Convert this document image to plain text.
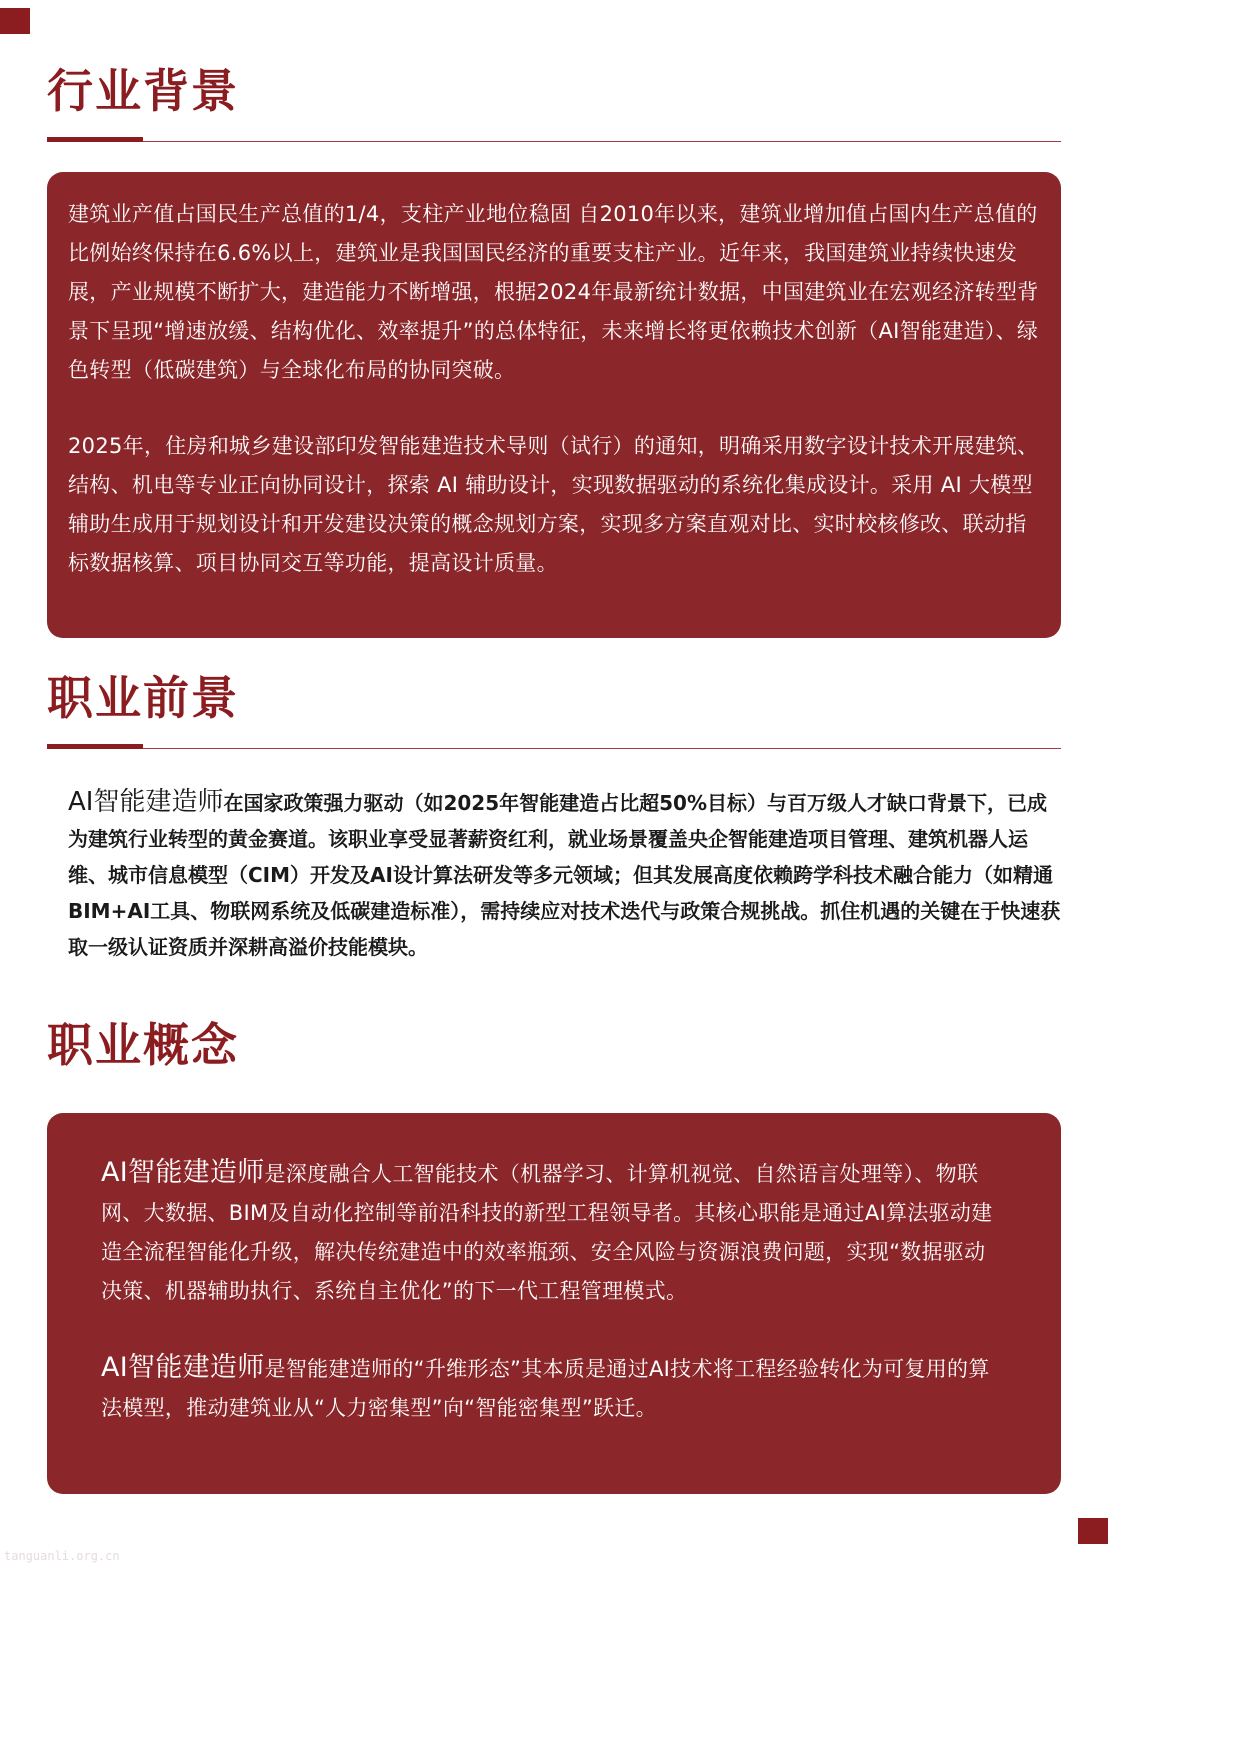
行业背景

建筑业产值占国民生产总值的1/4，支柱产业地位稳固 自2010年以来，建筑业增加值占国内生产总值的比例始终保持在6.6%以上，建筑业是我国国民经济的重要支柱产业。近年来，我国建筑业持续快速发展，产业规模不断扩大，建造能力不断增强，根据2024年最新统计数据，中国建筑业在宏观经济转型背景下呈现“增速放缓、结构优化、效率提升”的总体特征，未来增长将更依赖技术创新（AI智能建造）、绿色转型（低碳建筑）与全球化布局的协同突破。

2025年，住房和城乡建设部印发智能建造技术导则（试行）的通知，明确采用数字设计技术开展建筑、结构、机电等专业正向协同设计，探索 AI 辅助设计，实现数据驱动的系统化集成设计。采用 AI 大模型辅助生成用于规划设计和开发建设决策的概念规划方案，实现多方案直观对比、实时校核修改、联动指标数据核算、项目协同交互等功能，提高设计质量。

职业前景

AI智能建造师在国家政策强力驱动（如2025年智能建造占比超50%目标）与百万级人才缺口背景下，已成为建筑行业转型的黄金赛道。该职业享受显著薪资红利，就业场景覆盖央企智能建造项目管理、建筑机器人运维、城市信息模型（CIM）开发及AI设计算法研发等多元领域；但其发展高度依赖跨学科技术融合能力（如精通BIM+AI工具、物联网系统及低碳建造标准），需持续应对技术迭代与政策合规挑战。抓住机遇的关键在于快速获取一级认证资质并深耕高溢价技能模块。

职业概念

AI智能建造师是深度融合人工智能技术（机器学习、计算机视觉、自然语言处理等）、物联网、大数据、BIM及自动化控制等前沿科技的新型工程领导者。其核心职能是通过AI算法驱动建造全流程智能化升级，解决传统建造中的效率瓶颈、安全风险与资源浪费问题，实现“数据驱动决策、机器辅助执行、系统自主优化”的下一代工程管理模式。

AI智能建造师是智能建造师的“升维形态”其本质是通过AI技术将工程经验转化为可复用的算法模型，推动建筑业从“人力密集型”向“智能密集型”跃迁。

tanguanli.org.cn
